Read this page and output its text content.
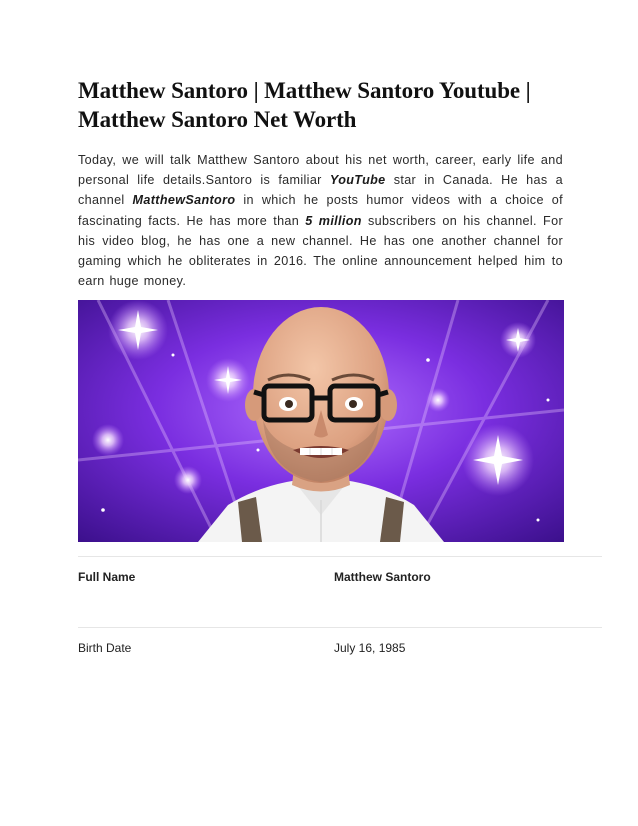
Matthew Santoro | Matthew Santoro Youtube | Matthew Santoro Net Worth

Today, we will talk Matthew Santoro about his net worth, career, early life and personal life details.Santoro is familiar YouTube star in Canada. He has a channel MatthewSantoro in which he posts humor videos with a choice of fascinating facts. He has more than 5 million subscribers on his channel. For his video blog, he has one a new channel. He has one another channel for gaming which he obliterates in 2016. The online announcement helped him to earn huge money.

Full Name	Matthew Santoro
Birth Date	July 16, 1985
